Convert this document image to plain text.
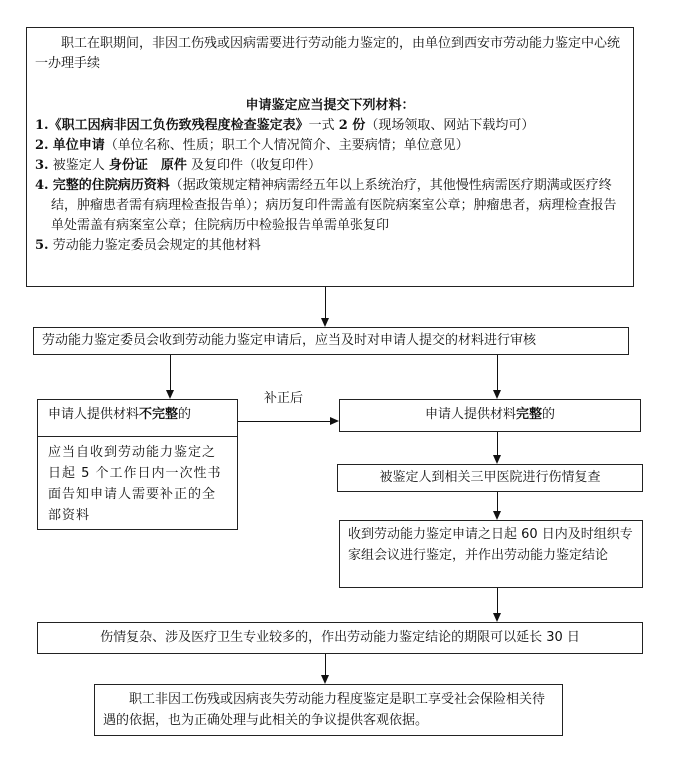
职工在职期间，非因工伤残或因病需要进行劳动能力鉴定的，由单位到西安市劳动能力鉴定中心统一办理手续
申请鉴定应当提交下列材料：
1.《职工因病非因工负伤致残程度检查鉴定表》一式 2 份（现场领取、网站下载均可）
2. 单位申请（单位名称、性质；职工个人情况简介、主要病情；单位意见）
3. 被鉴定人 身份证　原件 及复印件（收复印件）
4. 完整的住院病历资料（据政策规定精神病需经五年以上系统治疗，其他慢性病需医疗期满或医疗终结，肿瘤患者需有病理检查报告单）；病历复印件需盖有医院病案室公章；肿瘤患者，病理检查报告单处需盖有病案室公章；住院病历中检验报告单需单张复印
5. 劳动能力鉴定委员会规定的其他材料
劳动能力鉴定委员会收到劳动能力鉴定申请后，应当及时对申请人提交的材料进行审核
申请人提供材料不完整的
应当自收到劳动能力鉴定之日起 5 个工作日内一次性书面告知申请人需要补正的全部资料
补正后
申请人提供材料完整的
被鉴定人到相关三甲医院进行伤情复查
收到劳动能力鉴定申请之日起 60 日内及时组织专家组会议进行鉴定，并作出劳动能力鉴定结论
伤情复杂、涉及医疗卫生专业较多的，作出劳动能力鉴定结论的期限可以延长 30 日
职工非因工伤残或因病丧失劳动能力程度鉴定是职工享受社会保险相关待遇的依据，也为正确处理与此相关的争议提供客观依据。
